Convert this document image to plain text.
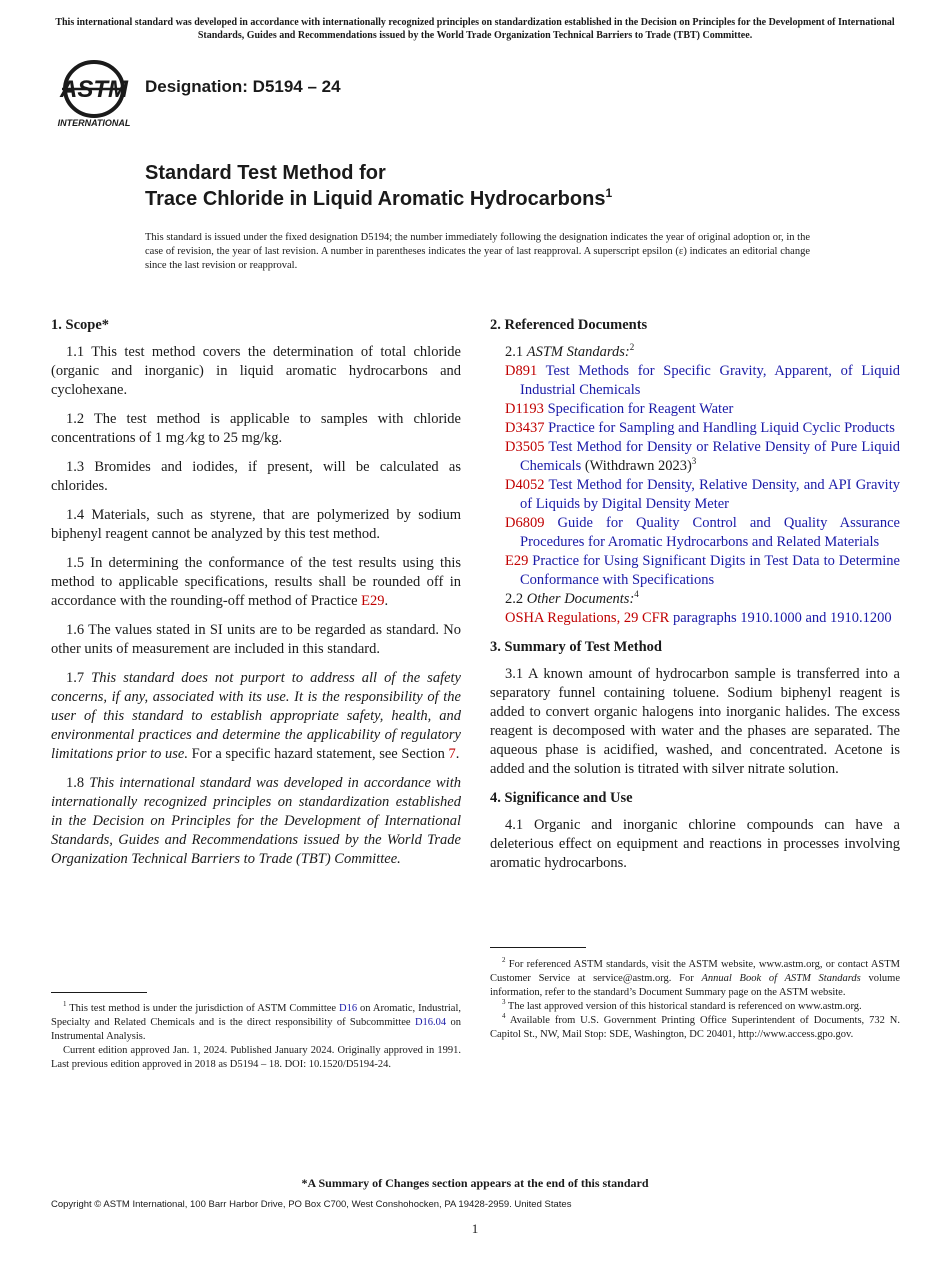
This international standard was developed in accordance with internationally recognized principles on standardization established in the Decision on Principles for the Development of International Standards, Guides and Recommendations issued by the World Trade Organization Technical Barriers to Trade (TBT) Committee.
ASTM
INTERNATIONAL
Designation: D5194 – 24
Standard Test Method for
Trace Chloride in Liquid Aromatic Hydrocarbons$^1$
This standard is issued under the fixed designation D5194; the number immediately following the designation indicates the year of original adoption or, in the case of revision, the year of last revision. A number in parentheses indicates the year of last reapproval. A superscript epsilon (ε) indicates an editorial change since the last revision or reapproval.
1. Scope*

1.1 This test method covers the determination of total chloride (organic and inorganic) in liquid aromatic hydrocarbons and cyclohexane.

1.2 The test method is applicable to samples with chloride concentrations of 1 mg ⁄kg to 25 mg/kg.

1.3 Bromides and iodides, if present, will be calculated as chlorides.

1.4 Materials, such as styrene, that are polymerized by sodium biphenyl reagent cannot be analyzed by this test method.

1.5 In determining the conformance of the test results using this method to applicable specifications, results shall be rounded off in accordance with the rounding-off method of Practice E29.

1.6 The values stated in SI units are to be regarded as standard. No other units of measurement are included in this standard.

1.7 This standard does not purport to address all of the safety concerns, if any, associated with its use. It is the responsibility of the user of this standard to establish appropriate safety, health, and environmental practices and determine the applicability of regulatory limitations prior to use. For a specific hazard statement, see Section 7.

1.8 This international standard was developed in accordance with internationally recognized principles on standardization established in the Decision on Principles for the Development of International Standards, Guides and Recommendations issued by the World Trade Organization Technical Barriers to Trade (TBT) Committee.

$^1$ This test method is under the jurisdiction of ASTM Committee D16 on Aromatic, Industrial, Specialty and Related Chemicals and is the direct responsibility of Subcommittee D16.04 on Instrumental Analysis.

Current edition approved Jan. 1, 2024. Published January 2024. Originally approved in 1991. Last previous edition approved in 2018 as D5194 – 18. DOI: 10.1520/D5194-24.

2. Referenced Documents
2.1 ASTM Standards:$^2$
D891 Test Methods for Specific Gravity, Apparent, of Liquid Industrial Chemicals
D1193 Specification for Reagent Water
D3437 Practice for Sampling and Handling Liquid Cyclic Products
D3505 Test Method for Density or Relative Density of Pure Liquid Chemicals (Withdrawn 2023)$^3$
D4052 Test Method for Density, Relative Density, and API Gravity of Liquids by Digital Density Meter
D6809 Guide for Quality Control and Quality Assurance Procedures for Aromatic Hydrocarbons and Related Materials
E29 Practice for Using Significant Digits in Test Data to Determine Conformance with Specifications
2.2 Other Documents:$^4$
OSHA Regulations, 29 CFR paragraphs 1910.1000 and 1910.1200
3. Summary of Test Method

3.1 A known amount of hydrocarbon sample is transferred into a separatory funnel containing toluene. Sodium biphenyl reagent is added to convert organic halogens into inorganic halides. The excess reagent is decomposed with water and the phases are separated. The aqueous phase is acidified, washed, and concentrated. Acetone is added and the solution is titrated with silver nitrate solution.

4. Significance and Use

4.1 Organic and inorganic chlorine compounds can have a deleterious effect on equipment and reactions in processes involving aromatic hydrocarbons.

$^2$ For referenced ASTM standards, visit the ASTM website, www.astm.org, or contact ASTM Customer Service at service@astm.org. For Annual Book of ASTM Standards volume information, refer to the standard’s Document Summary page on the ASTM website.

$^3$ The last approved version of this historical standard is referenced on www.astm.org.

$^4$ Available from U.S. Government Printing Office Superintendent of Documents, 732 N. Capitol St., NW, Mail Stop: SDE, Washington, DC 20401, http://www.access.gpo.gov.

*A Summary of Changes section appears at the end of this standard
Copyright © ASTM International, 100 Barr Harbor Drive, PO Box C700, West Conshohocken, PA 19428-2959. United States
1
